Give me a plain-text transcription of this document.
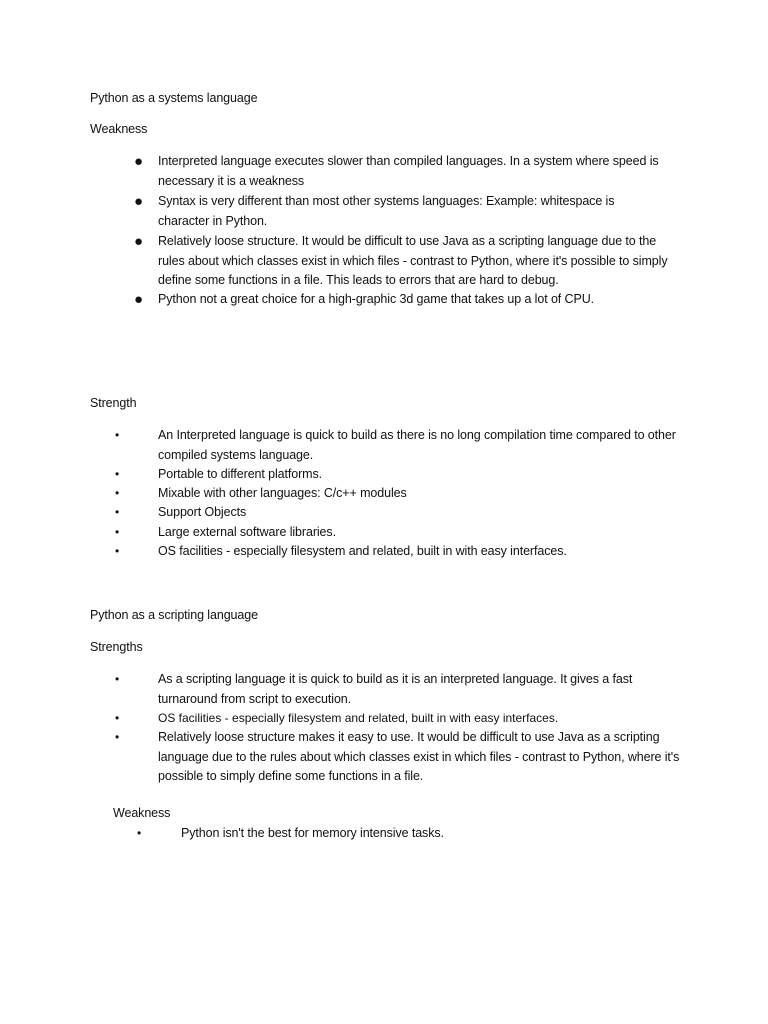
Python as a systems language
Weakness
● Interpreted language executes slower than compiled languages. In a system where speed is necessary it is a weakness
● Syntax is very different than most other systems languages: Example: whitespace is character in Python.
● Relatively loose structure. It would be difficult to use Java as a scripting language due to the rules about which classes exist in which files - contrast to Python, where it's possible to simply define some functions in a file. This leads to errors that are hard to debug.
● Python not a great choice for a high-graphic 3d game that takes up a lot of CPU.
Strength
•	An Interpreted language is quick to build as there is no long compilation time compared to other compiled systems language.
•	Portable to different platforms.
•	Mixable with other languages: C/c++ modules
•	Support Objects
•	Large external software libraries.
•	OS facilities - especially filesystem and related, built in with easy interfaces.
Python as a scripting language
Strengths
•	As a scripting language it is quick to build as it is an interpreted language. It gives a fast turnaround from script to execution.
•	OS facilities - especially filesystem and related, built in with easy interfaces.
•	Relatively loose structure makes it easy to use. It would be difficult to use Java as a scripting language due to the rules about which classes exist in which files - contrast to Python, where it's possible to simply define some functions in a file.
Weakness
•	Python isn't the best for memory intensive tasks.
